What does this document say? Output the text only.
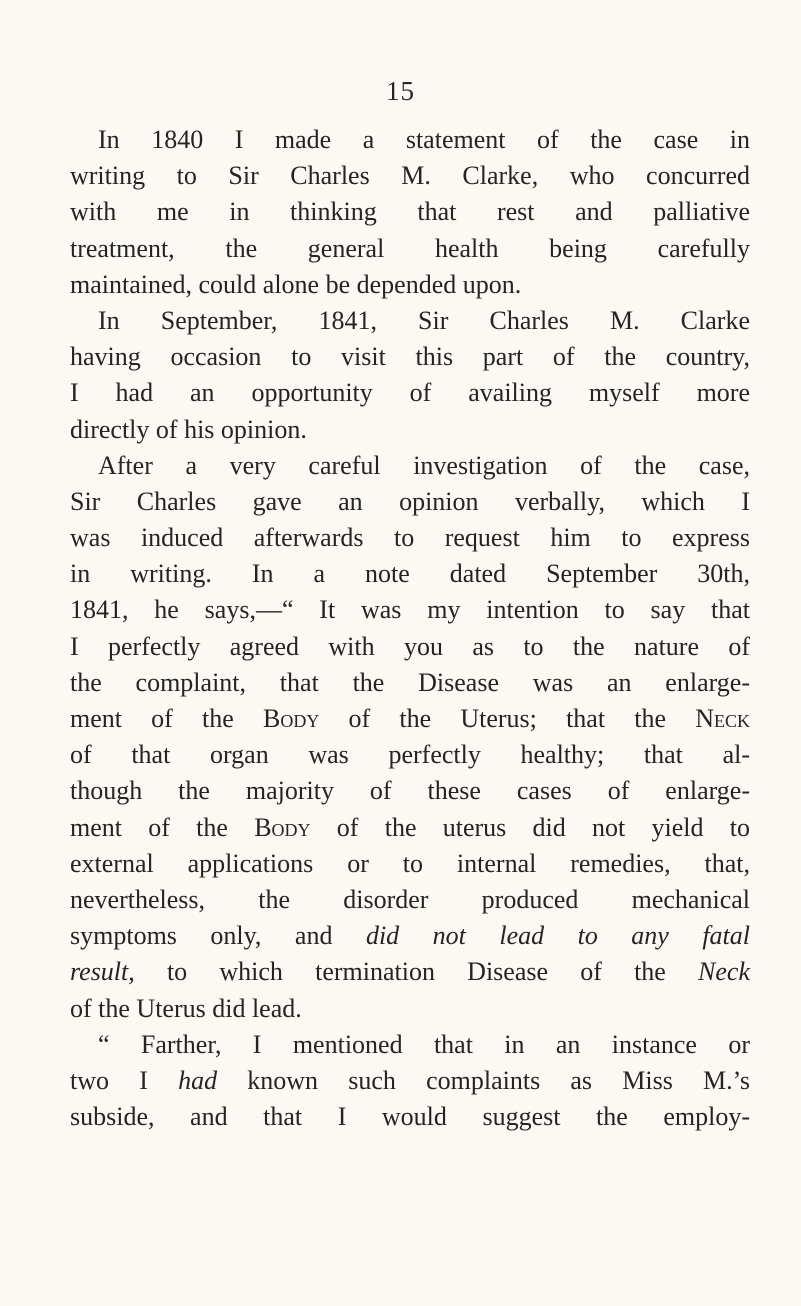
15
In 1840 I made a statement of the case in
writing to Sir Charles M. Clarke, who concurred
with me in thinking that rest and palliative
treatment, the general health being carefully
maintained, could alone be depended upon.
In September, 1841, Sir Charles M. Clarke
having occasion to visit this part of the country,
I had an opportunity of availing myself more
directly of his opinion.
After a very careful investigation of the case,
Sir Charles gave an opinion verbally, which I
was induced afterwards to request him to express
in writing. In a note dated September 30th,
1841, he says,—“ It was my intention to say that
I perfectly agreed with you as to the nature of
the complaint, that the Disease was an enlarge-
ment of the Body of the Uterus; that the Neck
of that organ was perfectly healthy; that al-
though the majority of these cases of enlarge-
ment of the Body of the uterus did not yield to
external applications or to internal remedies, that,
nevertheless, the disorder produced mechanical
symptoms only, and did not lead to any fatal
result, to which termination Disease of the Neck
of the Uterus did lead.
“ Farther, I mentioned that in an instance or
two I had known such complaints as Miss M.’s
subside, and that I would suggest the employ-
